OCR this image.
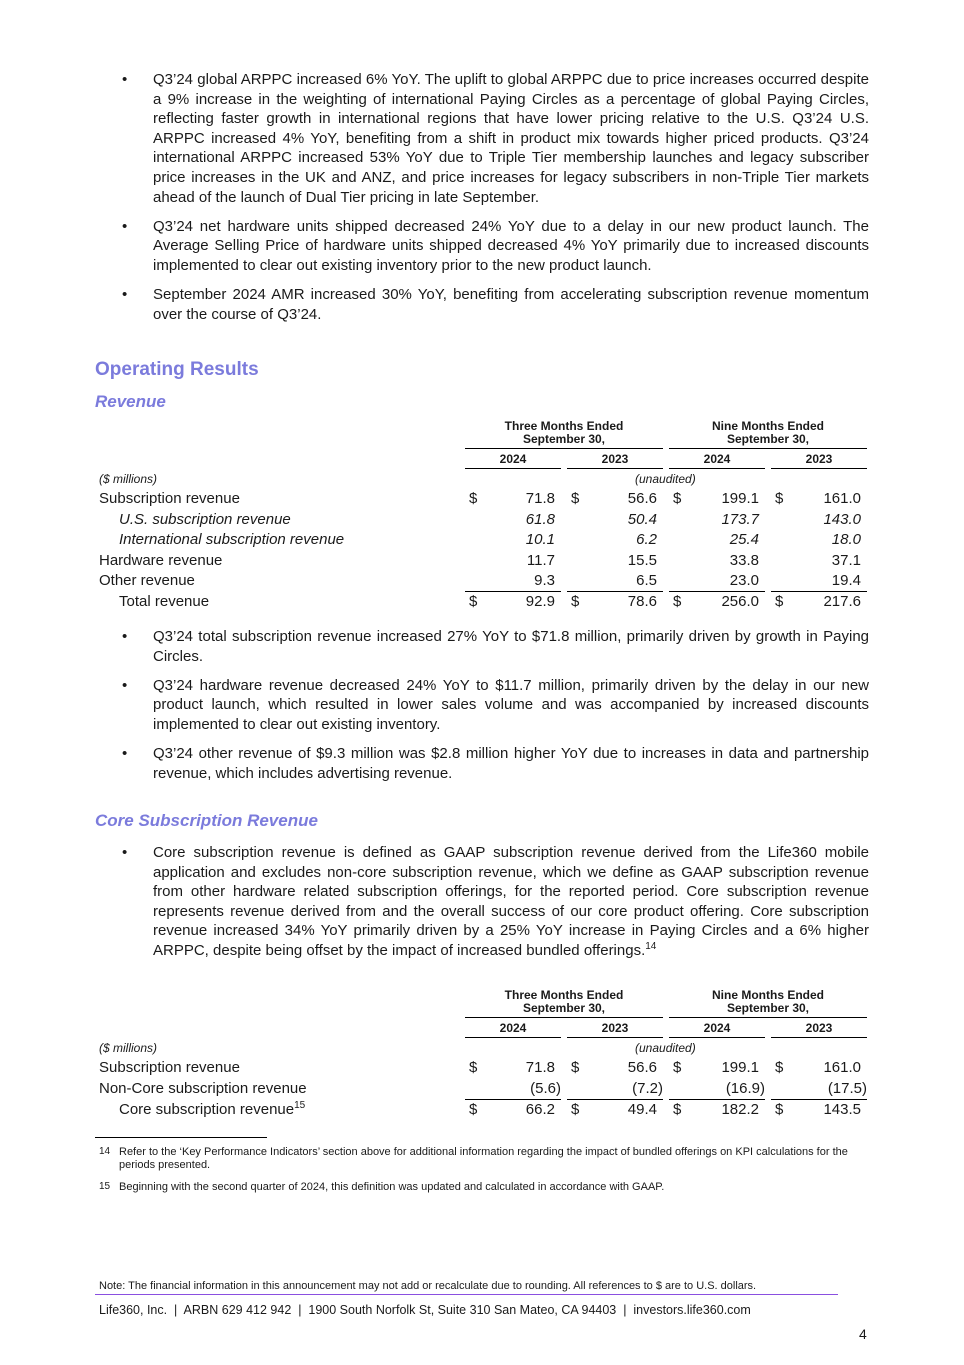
• Q3’24 global ARPPC increased 6% YoY. The uplift to global ARPPC due to price increases occurred despite a 9% increase in the weighting of international Paying Circles as a percentage of global Paying Circles, reflecting faster growth in international regions that have lower pricing relative to the U.S. Q3’24 U.S. ARPPC increased 4% YoY, benefiting from a shift in product mix towards higher priced products. Q3’24 international ARPPC increased 53% YoY due to Triple Tier membership launches and legacy subscriber price increases in the UK and ANZ, and price increases for legacy subscribers in non-Triple Tier markets ahead of the launch of Dual Tier pricing in late September.
• Q3’24 net hardware units shipped decreased 24% YoY due to a delay in our new product launch. The Average Selling Price of hardware units shipped decreased 4% YoY primarily due to increased discounts implemented to clear out existing inventory prior to the new product launch.
• September 2024 AMR increased 30% YoY, benefiting from accelerating subscription revenue momentum over the course of Q3’24.
Operating Results
Revenue
Three Months Ended
September 30,
Nine Months Ended
September 30,
2024	2023	2024	2023
($ millions)	(unaudited)
Subscription revenue	$	71.8 $	56.6 $	199.1 $	161.0
U.S. subscription revenue	61.8	50.4	173.7	143.0
International subscription revenue	10.1	6.2	25.4	18.0
Hardware revenue	11.7	15.5	33.8	37.1
Other revenue	9.3	6.5	23.0	19.4
Total revenue	$	92.9 $	78.6 $	256.0 $	217.6
• Q3’24 total subscription revenue increased 27% YoY to $71.8 million, primarily driven by growth in Paying Circles.
• Q3’24 hardware revenue decreased 24% YoY to $11.7 million, primarily driven by the delay in our new product launch, which resulted in lower sales volume and was accompanied by increased discounts implemented to clear out existing inventory.
• Q3’24 other revenue of $9.3 million was $2.8 million higher YoY due to increases in data and partnership revenue, which includes advertising revenue.
Core Subscription Revenue
• Core subscription revenue is defined as GAAP subscription revenue derived from the Life360 mobile application and excludes non-core subscription revenue, which we define as GAAP subscription revenue from other hardware related subscription offerings, for the reported period. Core subscription revenue represents revenue derived from and the overall success of our core product offering. Core subscription revenue increased 34% YoY primarily driven by a 25% YoY increase in Paying Circles and a 6% higher ARPPC, despite being offset by the impact of increased bundled offerings.$^{14}$
Three Months Ended
September 30,
Nine Months Ended
September 30,
2024	2023	2024	2023
($ millions)	(unaudited)
Subscription revenue	$	71.8 $	56.6 $	199.1 $	161.0
Non-Core subscription revenue	(5.6)	(7.2)	(16.9)	(17.5)
Core subscription revenue$^{15}$	$	66.2 $	49.4 $	182.2 $	143.5
14 Refer to the ‘Key Performance Indicators’ section above for additional information regarding the impact of bundled offerings on KPI calculations for the periods presented.
15 Beginning with the second quarter of 2024, this definition was updated and calculated in accordance with GAAP.
Note: The financial information in this announcement may not add or recalculate due to rounding. All references to $ are to U.S. dollars.
Life360, Inc.  |  ARBN 629 412 942  |  1900 South Norfolk St, Suite 310 San Mateo, CA 94403  |  investors.life360.com
4
